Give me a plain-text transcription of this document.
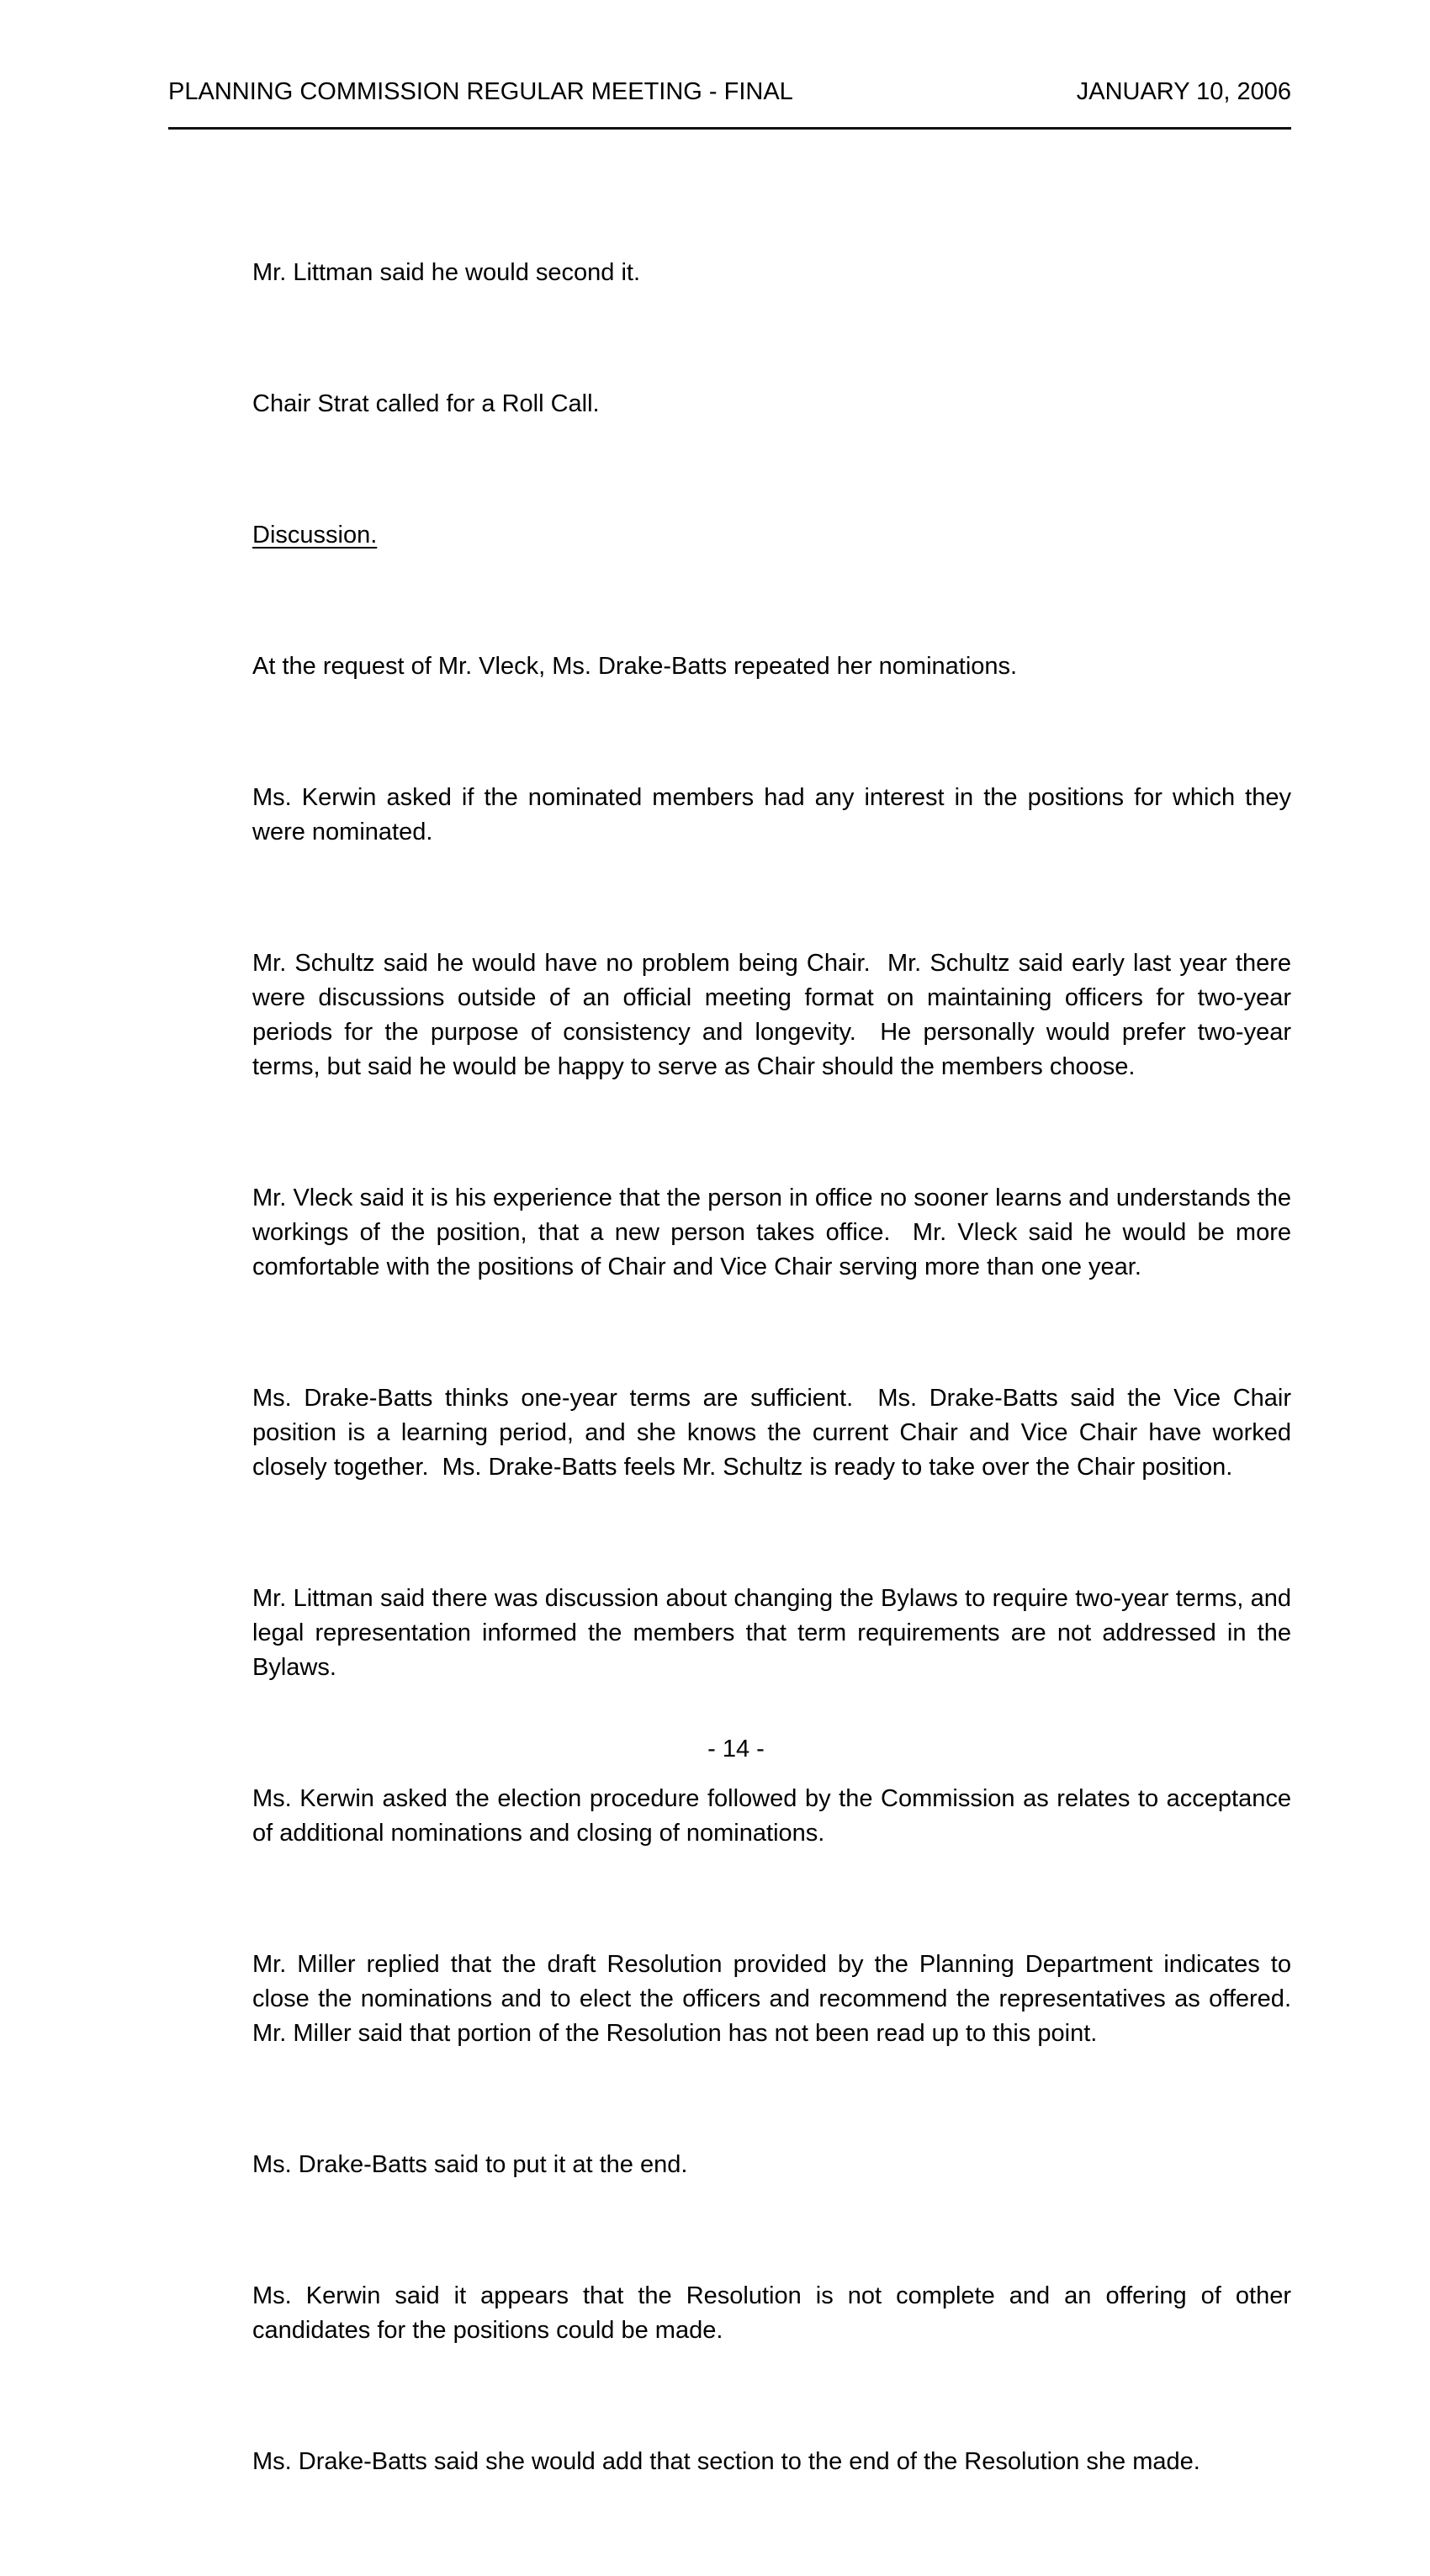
PLANNING COMMISSION REGULAR MEETING - FINAL	JANUARY 10, 2006

Mr. Littman said he would second it.

Chair Strat called for a Roll Call.

Discussion.

At the request of Mr. Vleck, Ms. Drake-Batts repeated her nominations.

Ms. Kerwin asked if the nominated members had any interest in the positions for which they were nominated.

Mr. Schultz said he would have no problem being Chair.  Mr. Schultz said early last year there were discussions outside of an official meeting format on maintaining officers for two-year periods for the purpose of consistency and longevity.  He personally would prefer two-year terms, but said he would be happy to serve as Chair should the members choose.

Mr. Vleck said it is his experience that the person in office no sooner learns and understands the workings of the position, that a new person takes office.  Mr. Vleck said he would be more comfortable with the positions of Chair and Vice Chair serving more than one year.

Ms. Drake-Batts thinks one-year terms are sufficient.  Ms. Drake-Batts said the Vice Chair position is a learning period, and she knows the current Chair and Vice Chair have worked closely together.  Ms. Drake-Batts feels Mr. Schultz is ready to take over the Chair position.

Mr. Littman said there was discussion about changing the Bylaws to require two-year terms, and legal representation informed the members that term requirements are not addressed in the Bylaws.

Ms. Kerwin asked the election procedure followed by the Commission as relates to acceptance of additional nominations and closing of nominations.

Mr. Miller replied that the draft Resolution provided by the Planning Department indicates to close the nominations and to elect the officers and recommend the representatives as offered.  Mr. Miller said that portion of the Resolution has not been read up to this point.

Ms. Drake-Batts said to put it at the end.

Ms. Kerwin said it appears that the Resolution is not complete and an offering of other candidates for the positions could be made.

Ms. Drake-Batts said she would add that section to the end of the Resolution she made.

- 14 -
